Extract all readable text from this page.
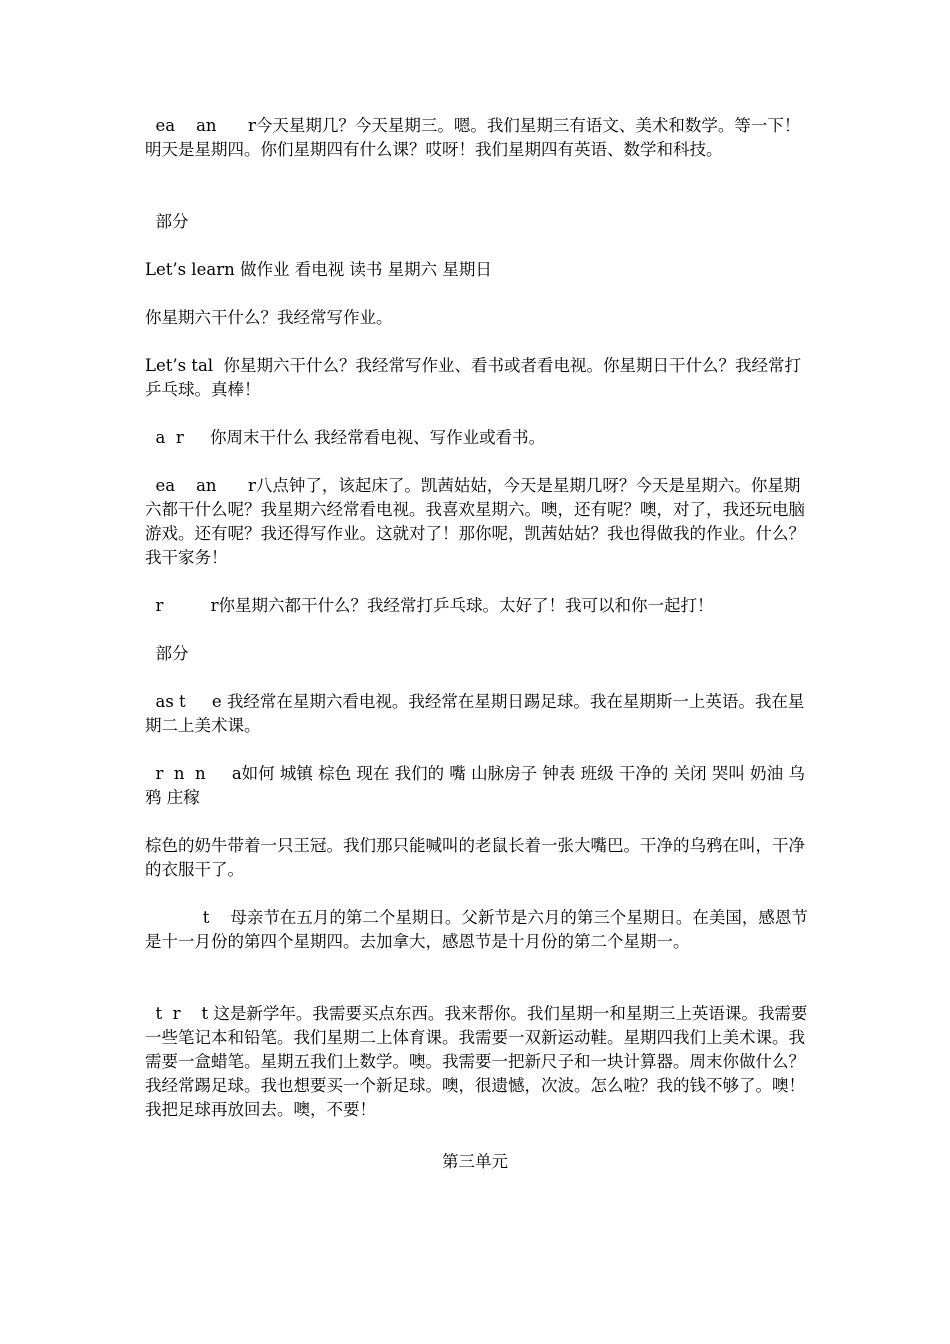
ea    an      r今天星期几？今天星期三。嗯。我们星期三有语文、美术和数学。等一下！明天是星期四。你们星期四有什么课？哎呀！我们星期四有英语、数学和科技。

部分

Let’s learn 做作业 看电视 读书 星期六 星期日

你星期六干什么？我经常写作业。

Let’s tal  你星期六干什么？我经常写作业、看书或者看电视。你星期日干什么？我经常打乒乓球。真棒！

a  r     你周末干什么 我经常看电视、写作业或看书。

ea    an      r八点钟了，该起床了。凯茜姑姑，今天是星期几呀？今天是星期六。你星期六都干什么呢？我星期六经常看电视。我喜欢星期六。噢，还有呢？噢，对了，我还玩电脑游戏。还有呢？我还得写作业。这就对了！那你呢，凯茜姑姑？我也得做我的作业。什么？我干家务！

r         r你星期六都干什么？我经常打乒乓球。太好了！我可以和你一起打！

部分

as t     e 我经常在星期六看电视。我经常在星期日踢足球。我在星期斯一上英语。我在星期二上美术课。

r  n  n     a如何 城镇 棕色 现在 我们的 嘴 山脉房子 钟表 班级 干净的 关闭 哭叫 奶油 乌鸦 庄稼

棕色的奶牛带着一只王冠。我们那只能喊叫的老鼠长着一张大嘴巴。干净的乌鸦在叫，干净的衣服干了。

t    母亲节在五月的第二个星期日。父新节是六月的第三个星期日。在美国，感恩节是十一月份的第四个星期四。去加拿大，感恩节是十月份的第二个星期一。

t  r    t 这是新学年。我需要买点东西。我来帮你。我们星期一和星期三上英语课。我需要一些笔记本和铅笔。我们星期二上体育课。我需要一双新运动鞋。星期四我们上美术课。我需要一盒蜡笔。星期五我们上数学。噢。我需要一把新尺子和一块计算器。周末你做什么？我经常踢足球。我也想要买一个新足球。噢，很遗憾，次波。怎么啦？我的钱不够了。噢！我把足球再放回去。噢，不要！

第三单元
